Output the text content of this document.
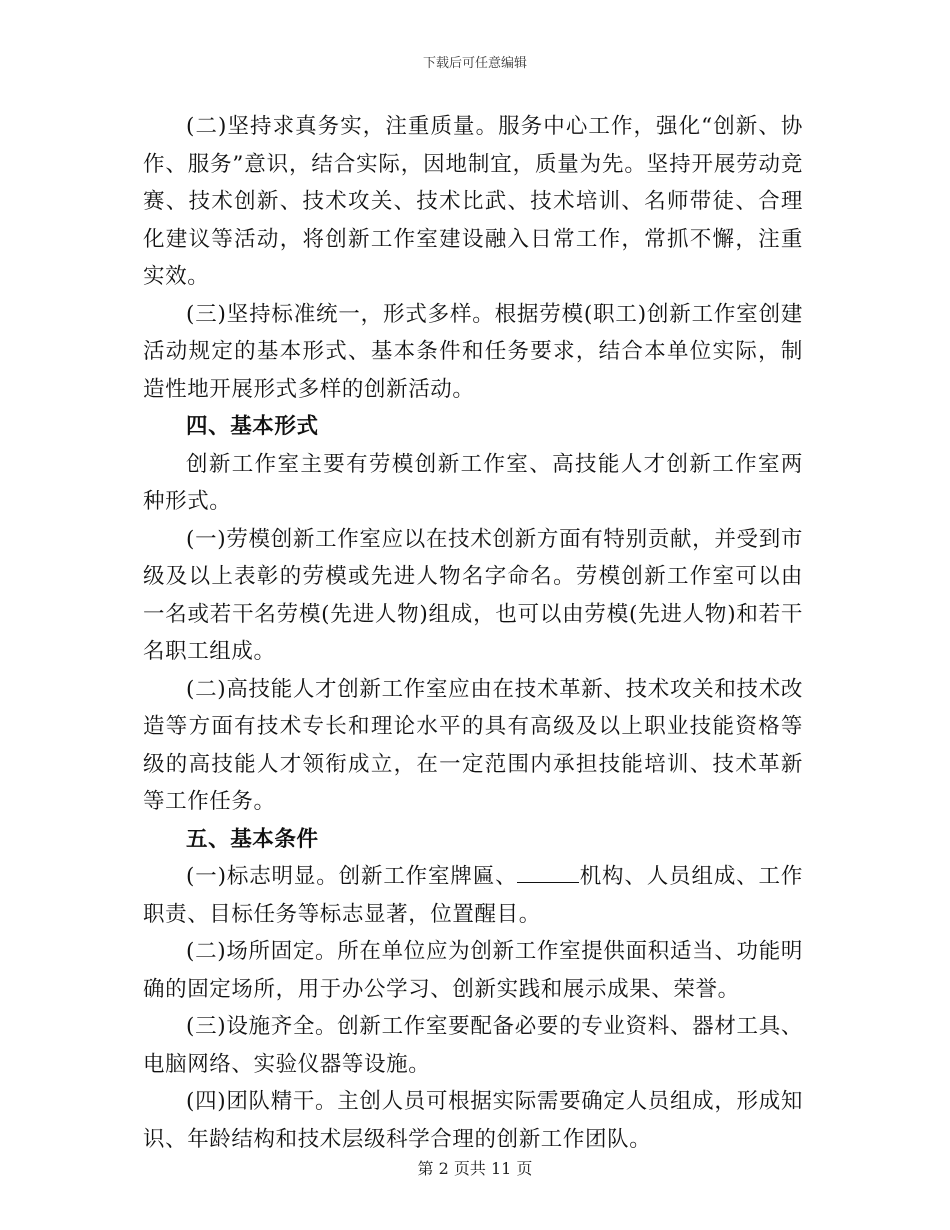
下载后可任意编辑

(二)坚持求真务实，注重质量。服务中心工作，强化“创新、协作、服务”意识，结合实际，因地制宜，质量为先。坚持开展劳动竞赛、技术创新、技术攻关、技术比武、技术培训、名师带徒、合理化建议等活动，将创新工作室建设融入日常工作，常抓不懈，注重实效。

(三)坚持标准统一，形式多样。根据劳模(职工)创新工作室创建活动规定的基本形式、基本条件和任务要求，结合本单位实际，制造性地开展形式多样的创新活动。

四、基本形式

创新工作室主要有劳模创新工作室、高技能人才创新工作室两种形式。

(一)劳模创新工作室应以在技术创新方面有特别贡献，并受到市级及以上表彰的劳模或先进人物名字命名。劳模创新工作室可以由一名或若干名劳模(先进人物)组成，也可以由劳模(先进人物)和若干名职工组成。

(二)高技能人才创新工作室应由在技术革新、技术攻关和技术改造等方面有技术专长和理论水平的具有高级及以上职业技能资格等级的高技能人才领衔成立，在一定范围内承担技能培训、技术革新等工作任务。

五、基本条件

(一)标志明显。创新工作室牌匾、	机构、人员组成、工作职责、目标任务等标志显著，位置醒目。

(二)场所固定。所在单位应为创新工作室提供面积适当、功能明确的固定场所，用于办公学习、创新实践和展示成果、荣誉。

(三)设施齐全。创新工作室要配备必要的专业资料、器材工具、电脑网络、实验仪器等设施。

(四)团队精干。主创人员可根据实际需要确定人员组成，形成知识、年龄结构和技术层级科学合理的创新工作团队。

第 2 页共 11 页
